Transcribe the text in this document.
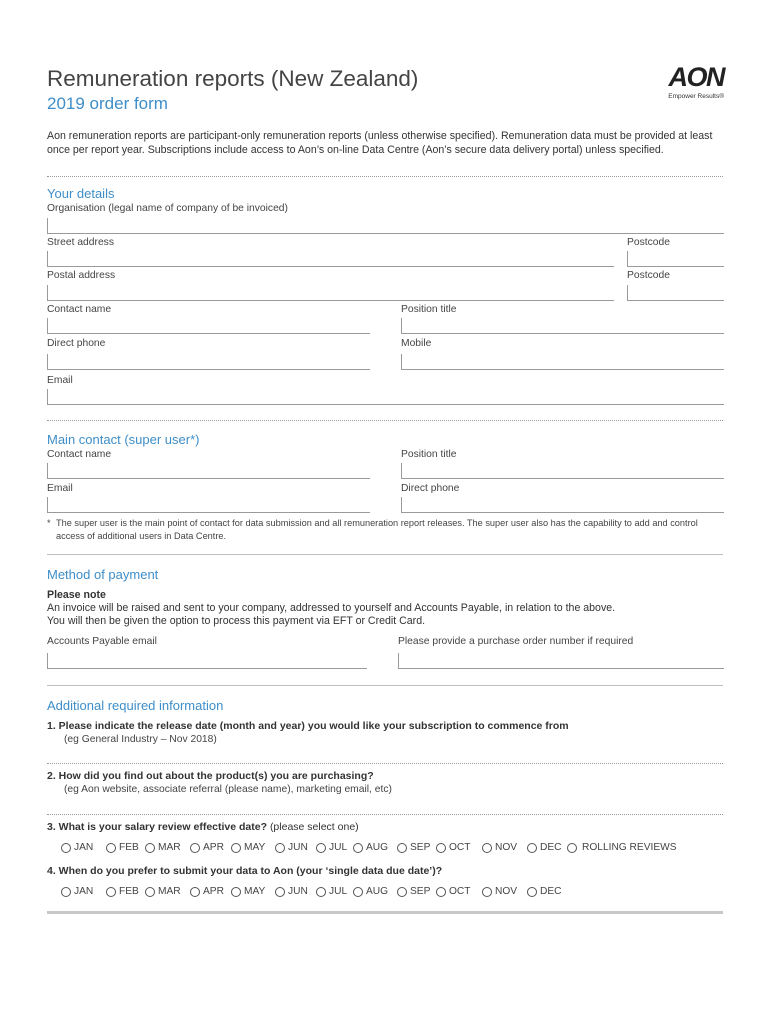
Remuneration reports (New Zealand)
2019 order form
AON
Empower Results®
Aon remuneration reports are participant-only remuneration reports (unless otherwise specified). Remuneration data must be provided at least once per report year. Subscriptions include access to Aon’s on-line Data Centre (Aon’s secure data delivery portal) unless specified.
Your details
Organisation (legal name of company of be invoiced)
Street address	Postcode
Postal address	Postcode
Contact name	Position title
Direct phone	Mobile
Email
Main contact (super user*)
Contact name	Position title
Email	Direct phone
* The super user is the main point of contact for data submission and all remuneration report releases. The super user also has the capability to add and control access of additional users in Data Centre.
Method of payment
Please note
An invoice will be raised and sent to your company, addressed to yourself and Accounts Payable, in relation to the above.
You will then be given the option to process this payment via EFT or Credit Card.
Accounts Payable email	Please provide a purchase order number if required
Additional required information
1. Please indicate the release date (month and year) you would like your subscription to commence from
(eg General Industry – Nov 2018)
2. How did you find out about the product(s) you are purchasing?
(eg Aon website, associate referral (please name), marketing email, etc)
3. What is your salary review effective date? (please select one)
JAN	FEB MAR APR MAY JUN JUL AUG SEP OCT NOV DEC ROLLING REVIEWS
4. When do you prefer to submit your data to Aon (your ‘single data due date’)?
JAN	FEB MAR APR MAY JUN JUL AUG SEP OCT NOV DEC
